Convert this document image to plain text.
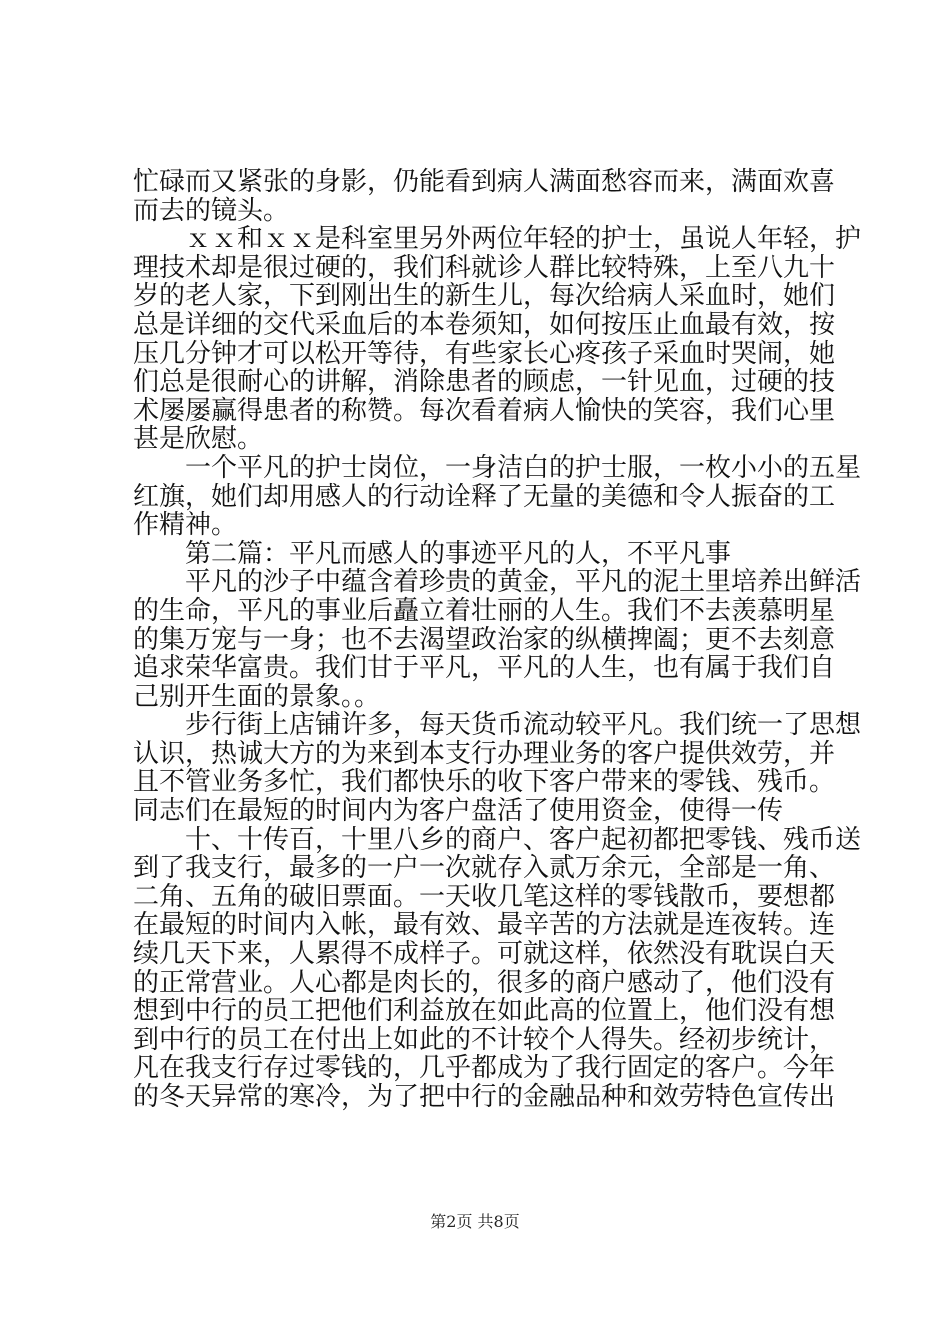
忙碌而又紧张的身影，仍能看到病人满面愁容而来，满面欢喜
而去的镜头。
ｘｘ和ｘｘ是科室里另外两位年轻的护士，虽说人年轻，护
理技术却是很过硬的，我们科就诊人群比较特殊，上至八九十
岁的老人家，下到刚出生的新生儿，每次给病人采血时，她们
总是详细的交代采血后的本卷须知，如何按压止血最有效，按
压几分钟才可以松开等待，有些家长心疼孩子采血时哭闹，她
们总是很耐心的讲解，消除患者的顾虑，一针见血，过硬的技
术屡屡赢得患者的称赞。每次看着病人愉快的笑容，我们心里
甚是欣慰。
一个平凡的护士岗位，一身洁白的护士服，一枚小小的五星
红旗，她们却用感人的行动诠释了无量的美德和令人振奋的工
作精神。
第二篇：平凡而感人的事迹平凡的人，不平凡事
平凡的沙子中蕴含着珍贵的黄金，平凡的泥土里培养出鲜活
的生命，平凡的事业后矗立着壮丽的人生。我们不去羡慕明星
的集万宠与一身；也不去渴望政治家的纵横捭阖；更不去刻意
追求荣华富贵。我们甘于平凡，平凡的人生，也有属于我们自
己别开生面的景象。。
步行街上店铺许多，每天货币流动较平凡。我们统一了思想
认识，热诚大方的为来到本支行办理业务的客户提供效劳，并
且不管业务多忙，我们都快乐的收下客户带来的零钱、残币。
同志们在最短的时间内为客户盘活了使用资金，使得一传
十、十传百，十里八乡的商户、客户起初都把零钱、残币送
到了我支行，最多的一户一次就存入贰万余元，全部是一角、
二角、五角的破旧票面。一天收几笔这样的零钱散币，要想都
在最短的时间内入帐，最有效、最辛苦的方法就是连夜转。连
续几天下来，人累得不成样子。可就这样，依然没有耽误白天
的正常营业。人心都是肉长的，很多的商户感动了，他们没有
想到中行的员工把他们利益放在如此高的位置上，他们没有想
到中行的员工在付出上如此的不计较个人得失。经初步统计，
凡在我支行存过零钱的，几乎都成为了我行固定的客户。今年
的冬天异常的寒冷，为了把中行的金融品种和效劳特色宣传出
第2页 共8页
